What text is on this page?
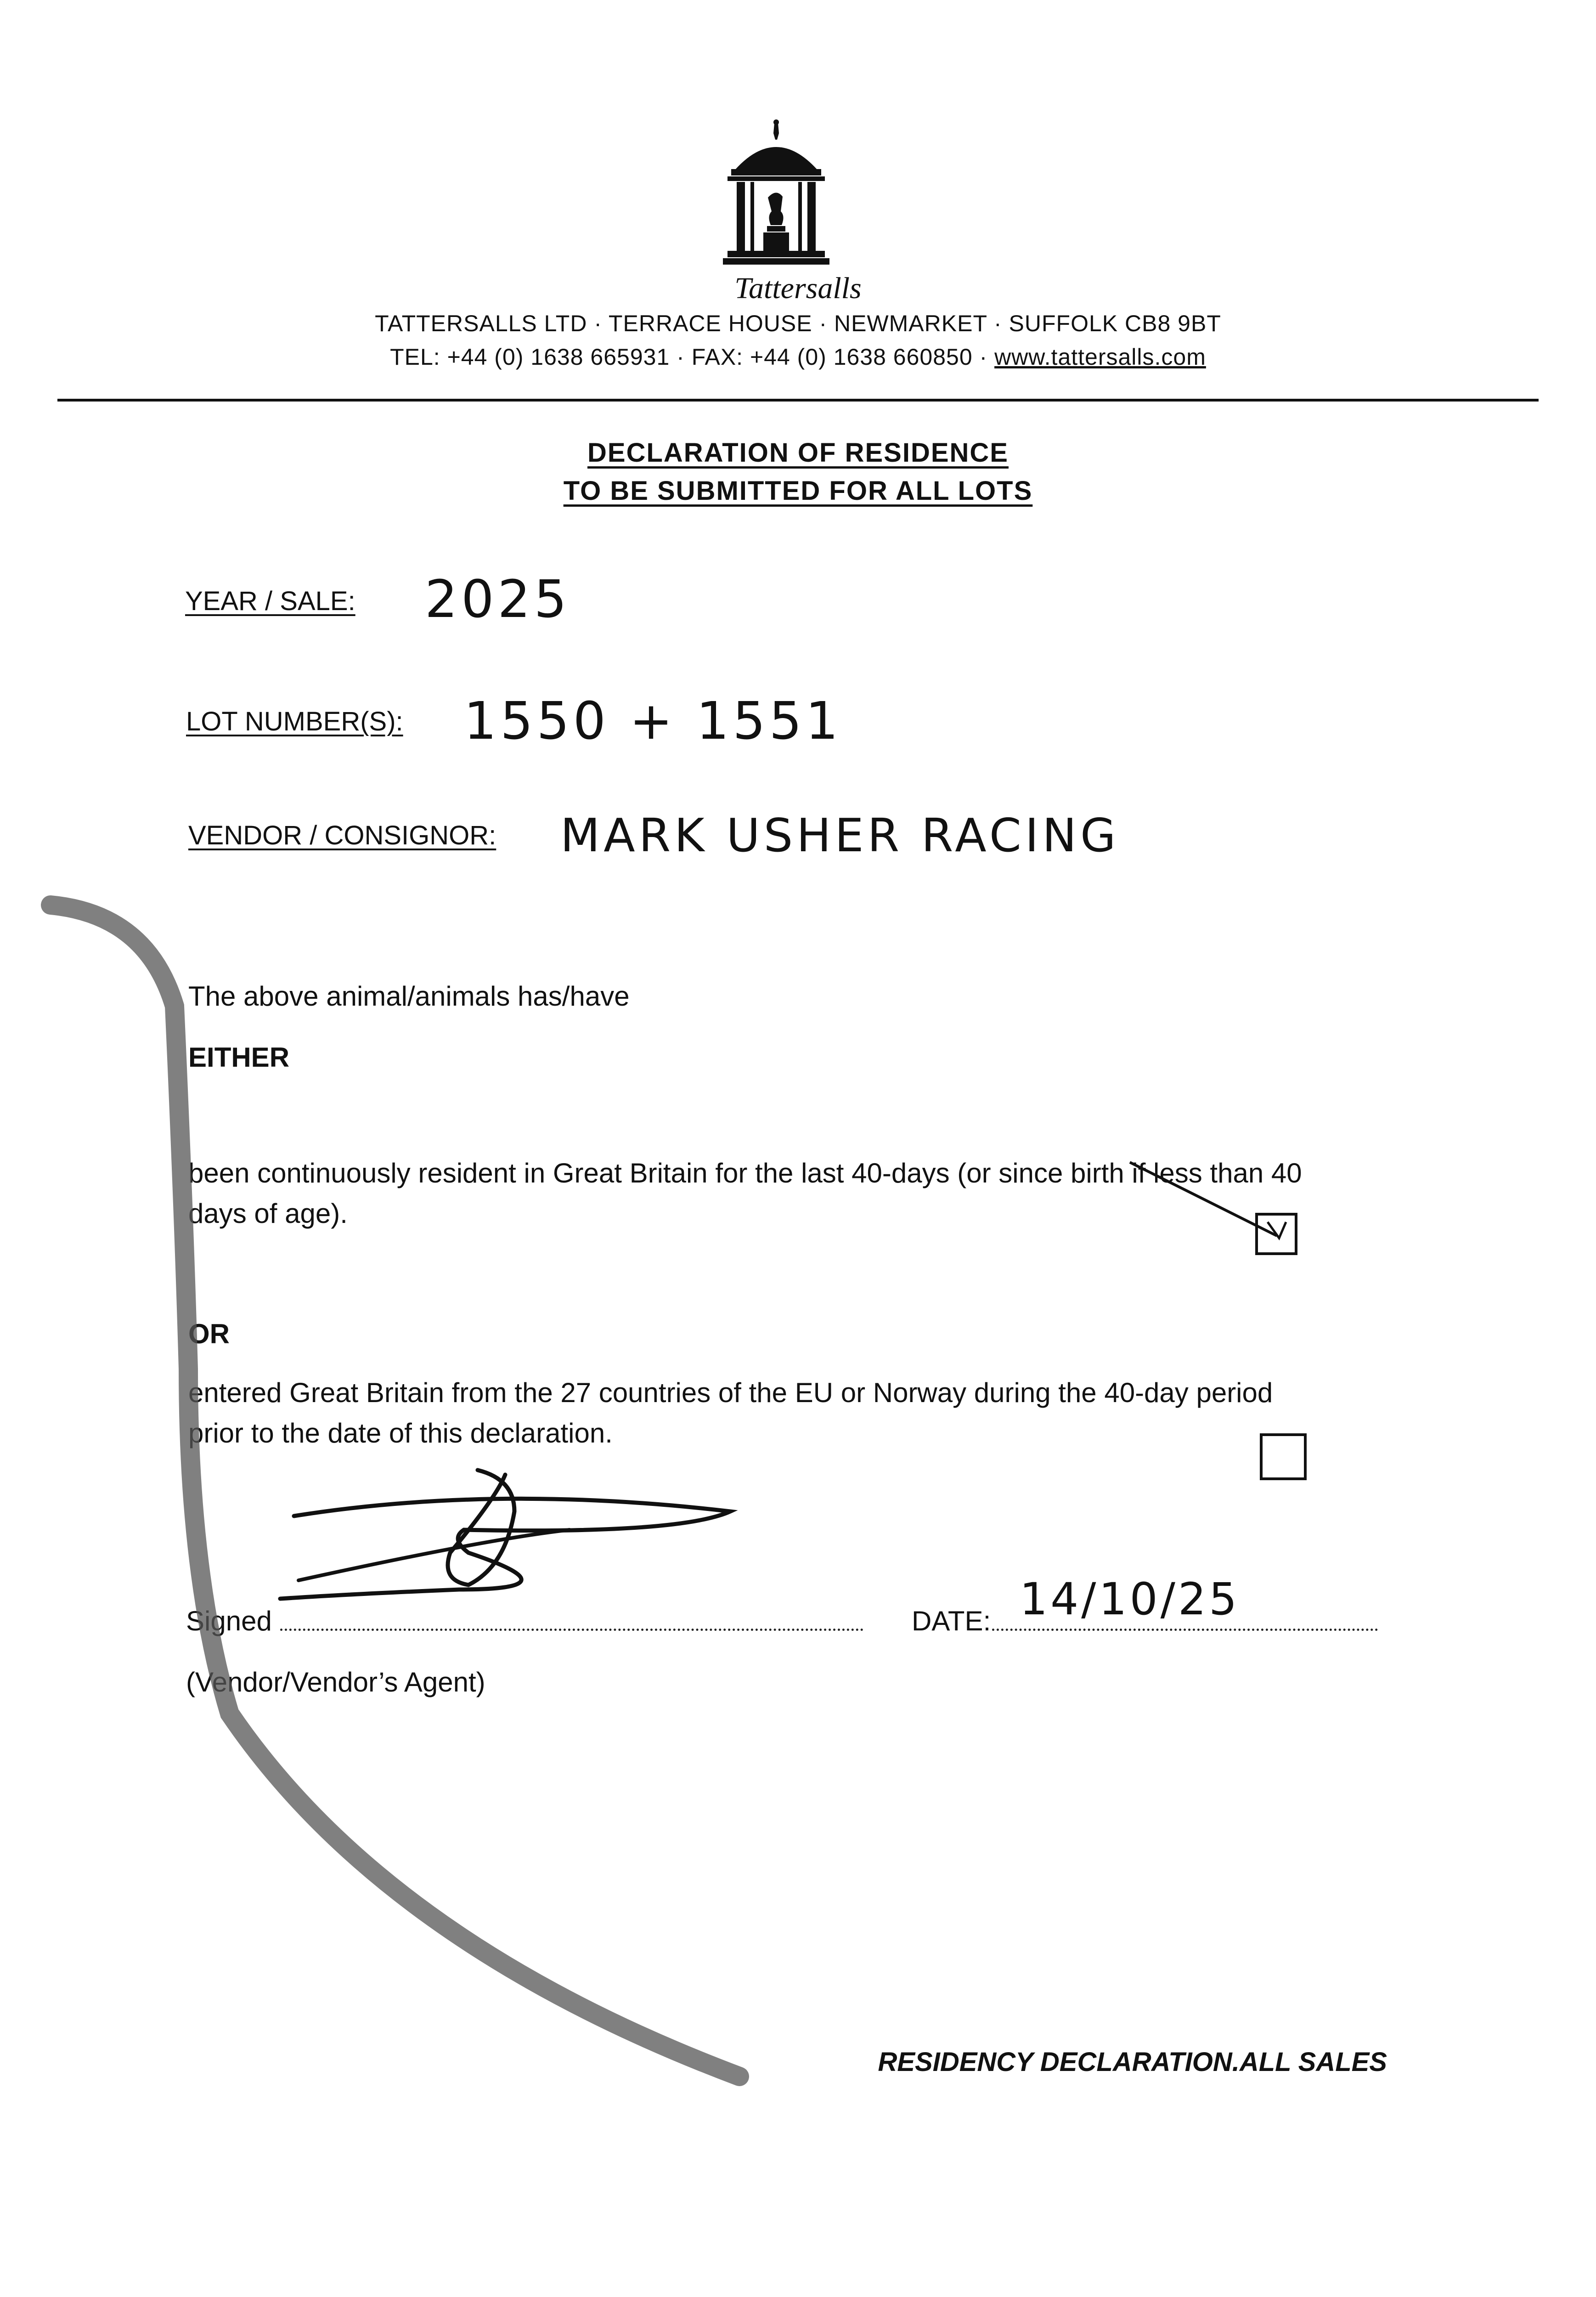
Tattersalls
TATTERSALLS LTD · TERRACE HOUSE · NEWMARKET · SUFFOLK CB8 9BT
TEL: +44 (0) 1638 665931 · FAX: +44 (0) 1638 660850 · www.tattersalls.com
DECLARATION OF RESIDENCE
TO BE SUBMITTED FOR ALL LOTS
YEAR / SALE: 2025
LOT NUMBER(S): 1550 + 1551
VENDOR / CONSIGNOR: MARK USHER RACING
The above animal/animals has/have
EITHER
been continuously resident in Great Britain for the last 40-days (or since birth if less than 40
days of age).
OR
entered Great Britain from the 27 countries of the EU or Norway during the 40-day period
prior to the date of this declaration.
Signed	DATE: 14/10/25
(Vendor/Vendor’s Agent)
RESIDENCY DECLARATION.ALL SALES
